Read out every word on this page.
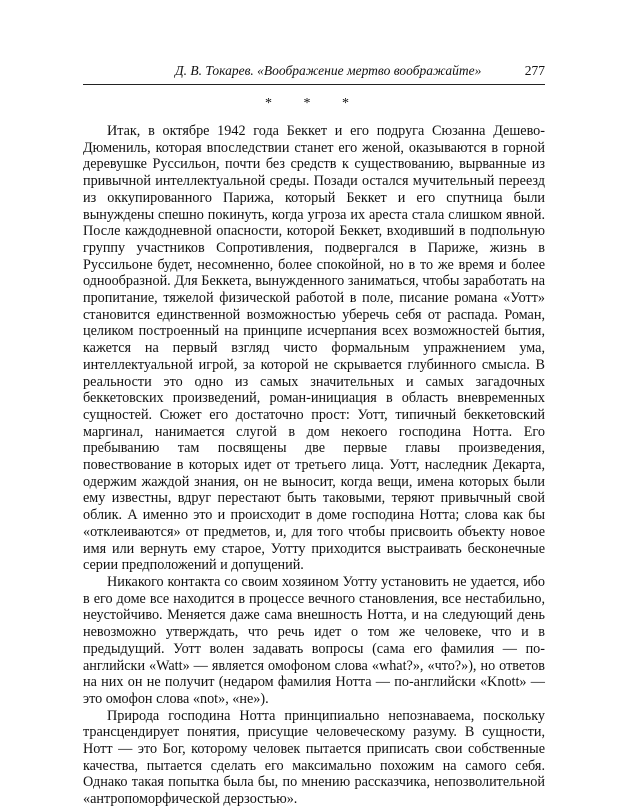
Д. В. Токарев. «Воображение мертво воображайте»	277
* * *

Итак, в октябре 1942 года Беккет и его подруга Сюзанна Дешево-Дюмениль, которая впоследствии станет его женой, оказываются в горной деревушке Руссильон, почти без средств к существованию, вырванные из привычной интеллектуальной среды. Позади остался мучительный переезд из оккупированного Парижа, который Беккет и его спутница были вынуждены спешно покинуть, когда угроза их ареста стала слишком явной. После каждодневной опасности, которой Беккет, входивший в подпольную группу участников Сопротивления, подвергался в Париже, жизнь в Руссильоне будет, несомненно, более спокойной, но в то же время и более однообразной. Для Беккета, вынужденного заниматься, чтобы заработать на пропитание, тяжелой физической работой в поле, писание романа «Уотт» становится единственной возможностью уберечь себя от распада. Роман, целиком построенный на принципе исчерпания всех возможностей бытия, кажется на первый взгляд чисто формальным упражнением ума, интеллектуальной игрой, за которой не скрывается глубинного смысла. В реальности это одно из самых значительных и самых загадочных беккетовских произведений, роман-инициация в область вневременных сущностей. Сюжет его достаточно прост: Уотт, типичный беккетовский маргинал, нанимается слугой в дом некоего господина Нотта. Его пребыванию там посвящены две первые главы произведения, повествование в которых идет от третьего лица. Уотт, наследник Декарта, одержим жаждой знания, он не выносит, когда вещи, имена которых были ему известны, вдруг перестают быть таковыми, теряют привычный свой облик. А именно это и происходит в доме господина Нотта; слова как бы «отклеиваются» от предметов, и, для того чтобы присвоить объекту новое имя или вернуть ему старое, Уотту приходится выстраивать бесконечные серии предположений и допущений.

Никакого контакта со своим хозяином Уотту установить не удается, ибо в его доме все находится в процессе вечного становления, все нестабильно, неустойчиво. Меняется даже сама внешность Нотта, и на следующий день невозможно утверждать, что речь идет о том же человеке, что и в предыдущий. Уотт волен задавать вопросы (сама его фамилия — по-английски «Watt» — является омофоном слова «what?», «что?»), но ответов на них он не получит (недаром фамилия Нотта — по-английски «Knott» — это омофон слова «not», «не»).

Природа господина Нотта принципиально непознаваема, поскольку трансцендирует понятия, присущие человеческому разуму. В сущности, Нотт — это Бог, которому человек пытается приписать свои собственные качества, пытается сделать его максимально похожим на самого себя. Однако такая попытка была бы, по мнению рассказчика, непозволительной «антропоморфической дерзостью».
